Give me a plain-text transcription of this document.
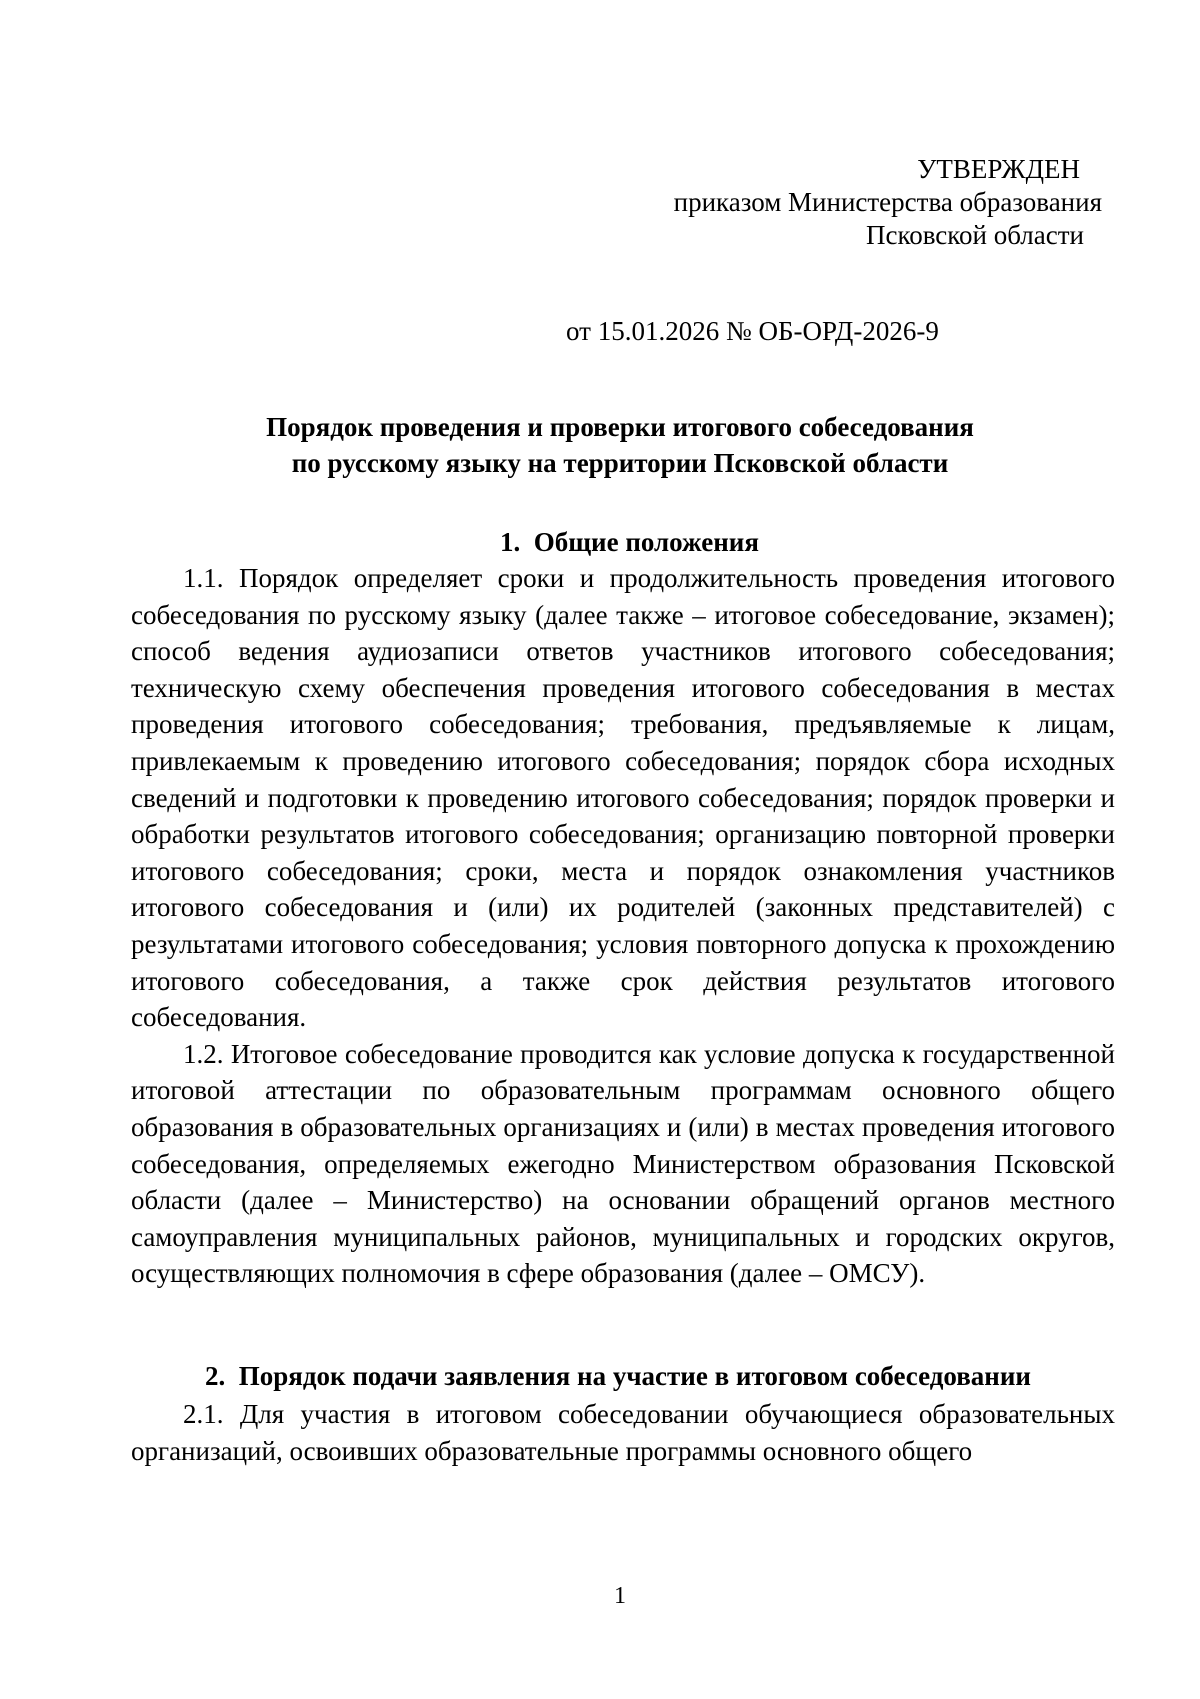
УТВЕРЖДЕН
приказом Министерства образования
Псковской области
от 15.01.2026 № ОБ-ОРД-2026-9
Порядок проведения и проверки итогового собеседования
по русскому языку на территории Псковской области
1. Общие положения

1.1. Порядок определяет сроки и продолжительность проведения итогового собеседования по русскому языку (далее также – итоговое собеседование, экзамен); способ ведения аудиозаписи ответов участников итогового собеседования; техническую схему обеспечения проведения итогового собеседования в местах проведения итогового собеседования; требования, предъявляемые к лицам, привлекаемым к проведению итогового собеседования; порядок сбора исходных сведений и подготовки к проведению итогового собеседования; порядок проверки и обработки результатов итогового собеседования; организацию повторной проверки итогового собеседования; сроки, места и порядок ознакомления участников итогового собеседования и (или) их родителей (законных представителей) с результатами итогового собеседования; условия повторного допуска к прохождению итогового собеседования, а также срок действия результатов итогового собеседования.

1.2. Итоговое собеседование проводится как условие допуска к государственной итоговой аттестации по образовательным программам основного общего образования в образовательных организациях и (или) в местах проведения итогового собеседования, определяемых ежегодно Министерством образования Псковской области (далее – Министерство) на основании обращений органов местного самоуправления муниципальных районов, муниципальных и городских округов, осуществляющих полномочия в сфере образования (далее – ОМСУ).

2. Порядок подачи заявления на участие в итоговом собеседовании

2.1. Для участия в итоговом собеседовании обучающиеся образовательных организаций, освоивших образовательные программы основного общего

1
